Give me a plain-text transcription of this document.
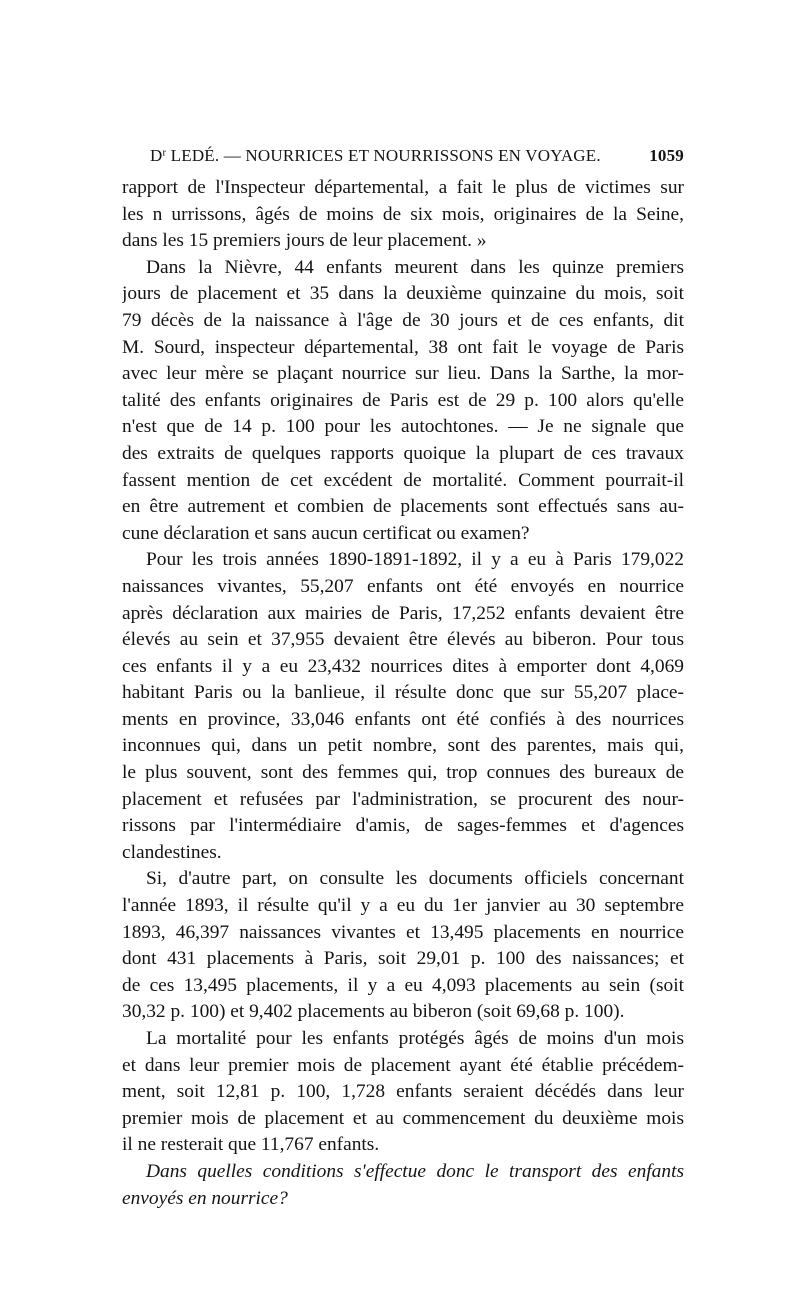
$D^r$ LEDÉ. — NOURRICES ET NOURRISSONS EN VOYAGE.	1059
rapport de l'Inspecteur départemental, a fait le plus de victimes sur
les n urrissons, âgés de moins de six mois, originaires de la Seine,
dans les 15 premiers jours de leur placement. »
Dans la Nièvre, 44 enfants meurent dans les quinze premiers
jours de placement et 35 dans la deuxième quinzaine du mois, soit
79 décès de la naissance à l'âge de 30 jours et de ces enfants, dit
M. Sourd, inspecteur départemental, 38 ont fait le voyage de Paris
avec leur mère se plaçant nourrice sur lieu. Dans la Sarthe, la mor-
talité des enfants originaires de Paris est de 29 p. 100 alors qu'elle
n'est que de 14 p. 100 pour les autochtones. — Je ne signale que
des extraits de quelques rapports quoique la plupart de ces travaux
fassent mention de cet excédent de mortalité. Comment pourrait-il
en être autrement et combien de placements sont effectués sans au-
cune déclaration et sans aucun certificat ou examen?
Pour les trois années 1890-1891-1892, il y a eu à Paris 179,022
naissances vivantes, 55,207 enfants ont été envoyés en nourrice
après déclaration aux mairies de Paris, 17,252 enfants devaient être
élevés au sein et 37,955 devaient être élevés au biberon. Pour tous
ces enfants il y a eu 23,432 nourrices dites à emporter dont 4,069
habitant Paris ou la banlieue, il résulte donc que sur 55,207 place-
ments en province, 33,046 enfants ont été confiés à des nourrices
inconnues qui, dans un petit nombre, sont des parentes, mais qui,
le plus souvent, sont des femmes qui, trop connues des bureaux de
placement et refusées par l'administration, se procurent des nour-
rissons par l'intermédiaire d'amis, de sages-femmes et d'agences
clandestines.
Si, d'autre part, on consulte les documents officiels concernant
l'année 1893, il résulte qu'il y a eu du 1er janvier au 30 septembre
1893, 46,397 naissances vivantes et 13,495 placements en nourrice
dont 431 placements à Paris, soit 29,01 p. 100 des naissances; et
de ces 13,495 placements, il y a eu 4,093 placements au sein (soit
30,32 p. 100) et 9,402 placements au biberon (soit 69,68 p. 100).
La mortalité pour les enfants protégés âgés de moins d'un mois
et dans leur premier mois de placement ayant été établie précédem-
ment, soit 12,81 p. 100, 1,728 enfants seraient décédés dans leur
premier mois de placement et au commencement du deuxième mois
il ne resterait que 11,767 enfants.
Dans quelles conditions s'effectue donc le transport des enfants
envoyés en nourrice?
